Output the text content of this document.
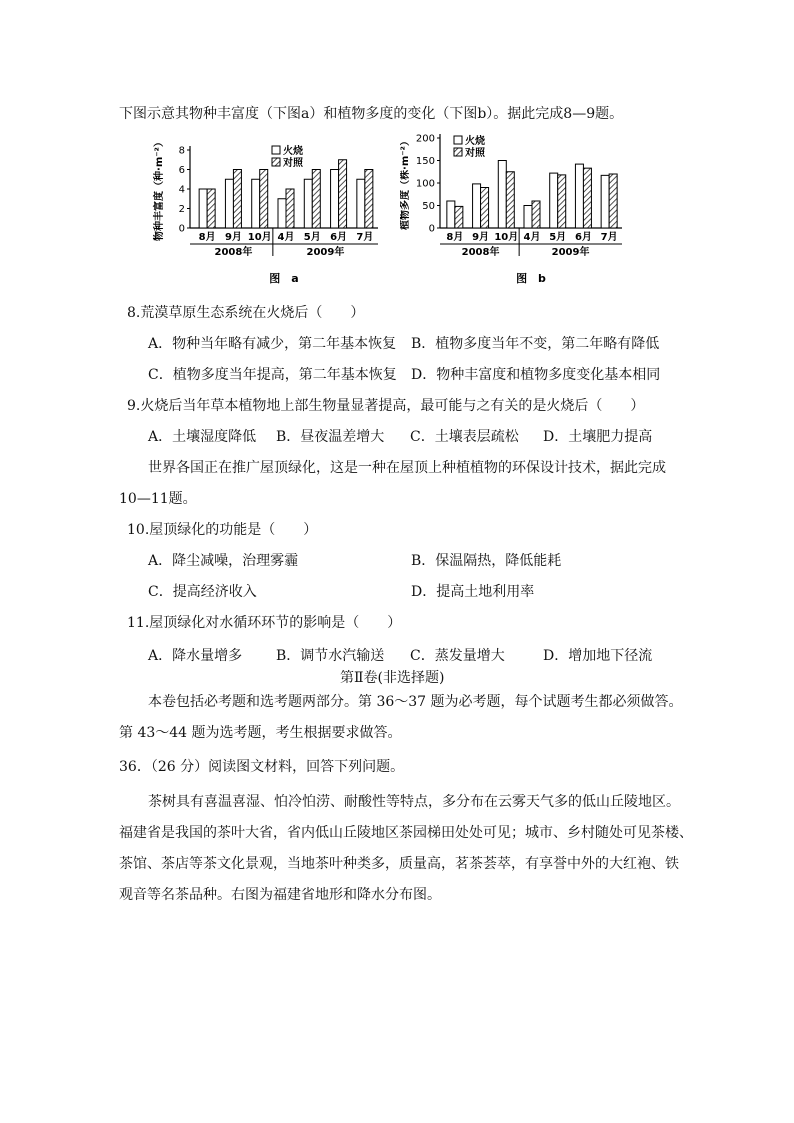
下图示意其物种丰富度（下图a）和植物多度的变化（下图b）。据此完成8—9题。
0
2
4
6
8
物种丰富度（种·m⁻²）	8月 9月 10月 4月 5月 6月 7月
2008年	2009年
火烧
对照
图　a
0
50
100
150
200
植物多度（株·m⁻²）
8月 9月 10月 4月 5月 6月 7月
2008年	2009年
火烧
对照
图　b
8.荒漠草原生态系统在火烧后（　　）
A．物种当年略有减少，第二年基本恢复 B．植物多度当年不变，第二年略有降低
C．植物多度当年提高，第二年基本恢复 D．物种丰富度和植物多度变化基本相同
9.火烧后当年草本植物地上部生物量显著提高，最可能与之有关的是火烧后（　　）
A．土壤湿度降低 B．昼夜温差增大 C．土壤表层疏松 D．土壤肥力提高
世界各国正在推广屋顶绿化，这是一种在屋顶上种植植物的环保设计技术，据此完成
10—11题。
10.屋顶绿化的功能是（　　）
A．降尘减噪，治理雾霾	B．保温隔热，降低能耗
C．提高经济收入	D．提高土地利用率
11.屋顶绿化对水循环环节的影响是（　　）
A．降水量增多 B．调节水汽输送 C．蒸发量增大	D．增加地下径流
第Ⅱ卷(非选择题)
本卷包括必考题和选考题两部分。第 36～37 题为必考题，每个试题考生都必须做答。
第 43～44 题为选考题，考生根据要求做答。
36．（26 分）阅读图文材料，回答下列问题。
茶树具有喜温喜湿、怕冷怕涝、耐酸性等特点，多分布在云雾天气多的低山丘陵地区。
福建省是我国的茶叶大省，省内低山丘陵地区茶园梯田处处可见；城市、乡村随处可见茶楼、
茶馆、茶店等茶文化景观，当地茶叶种类多，质量高，茗茶荟萃，有享誉中外的大红袍、铁
观音等名茶品种。右图为福建省地形和降水分布图。
